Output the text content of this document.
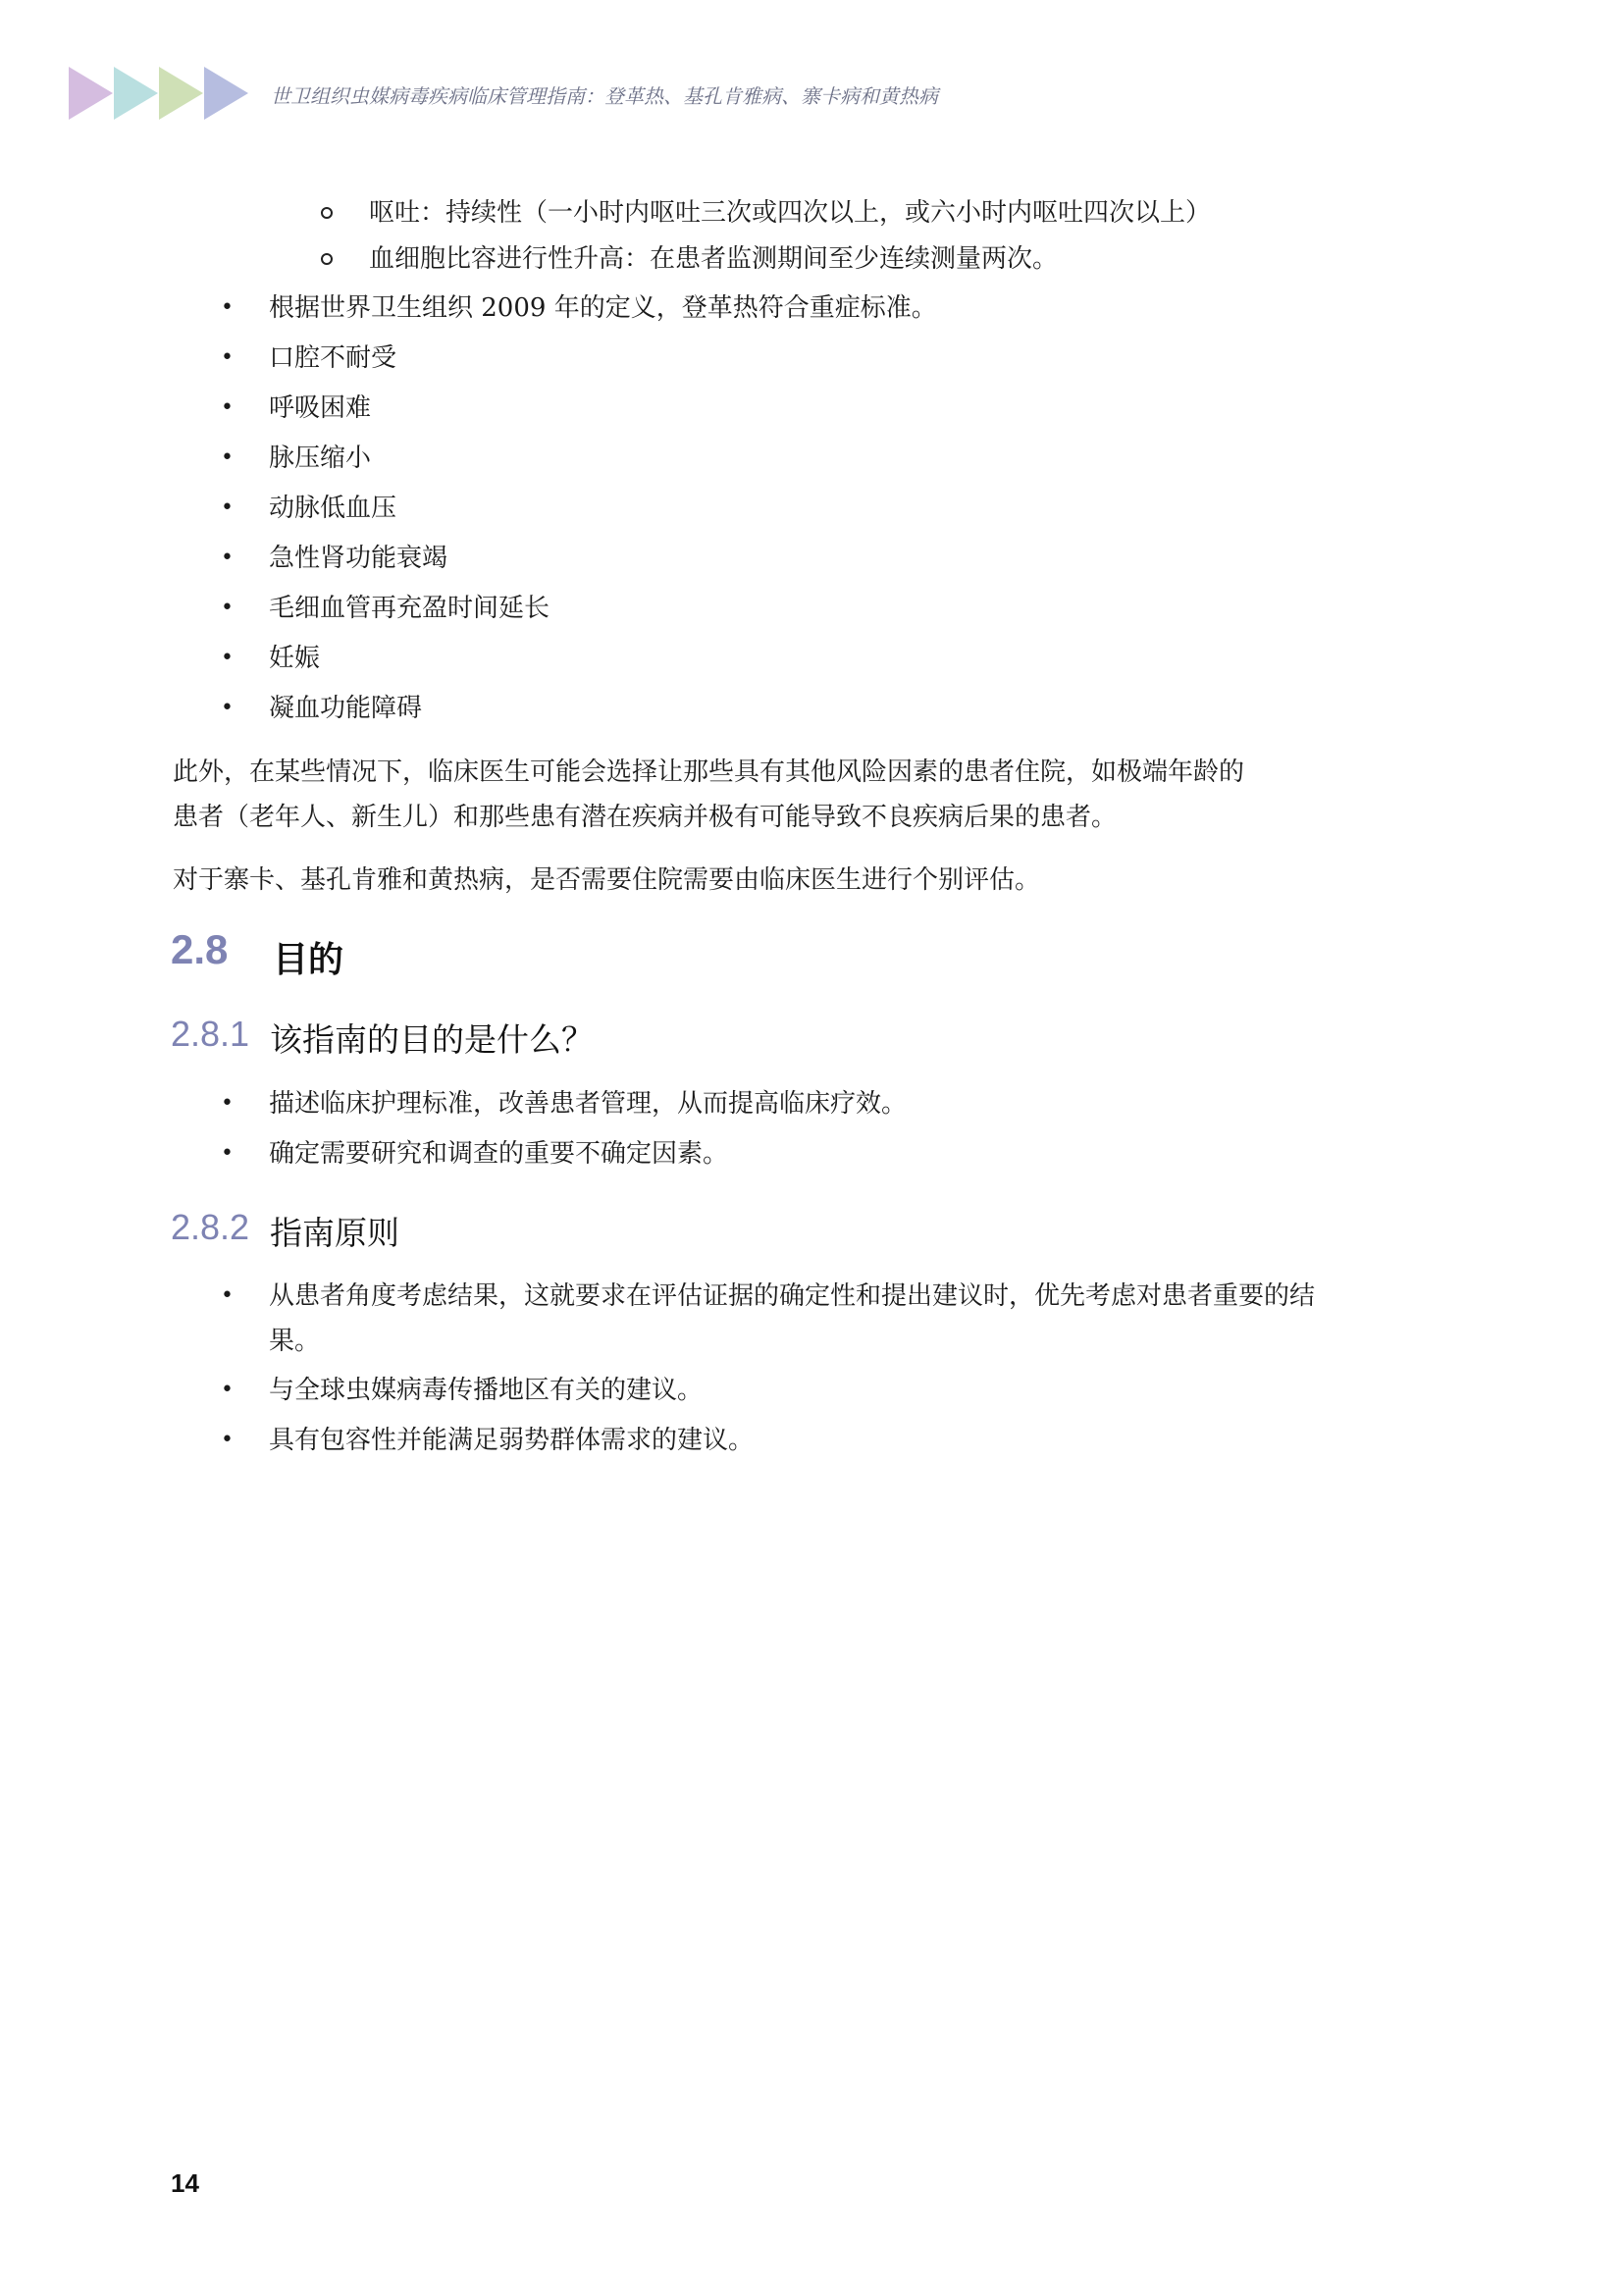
世卫组织虫媒病毒疾病临床管理指南：登革热、基孔肯雅病、寨卡病和黄热病
呕吐：持续性（一小时内呕吐三次或四次以上，或六小时内呕吐四次以上）
血细胞比容进行性升高：在患者监测期间至少连续测量两次。
• 根据世界卫生组织 2009 年的定义，登革热符合重症标准。
• 口腔不耐受
• 呼吸困难
• 脉压缩小
• 动脉低血压
• 急性肾功能衰竭
• 毛细血管再充盈时间延长
• 妊娠
• 凝血功能障碍
此外，在某些情况下，临床医生可能会选择让那些具有其他风险因素的患者住院，如极端年龄的
患者（老年人、新生儿）和那些患有潜在疾病并极有可能导致不良疾病后果的患者。
对于寨卡、基孔肯雅和黄热病，是否需要住院需要由临床医生进行个别评估。
2.8 目的
2.8.1 该指南的目的是什么？
• 描述临床护理标准，改善患者管理，从而提高临床疗效。
• 确定需要研究和调查的重要不确定因素。
2.8.2 指南原则
• 从患者角度考虑结果，这就要求在评估证据的确定性和提出建议时，优先考虑对患者重要的结
果。
• 与全球虫媒病毒传播地区有关的建议。
• 具有包容性并能满足弱势群体需求的建议。
14
